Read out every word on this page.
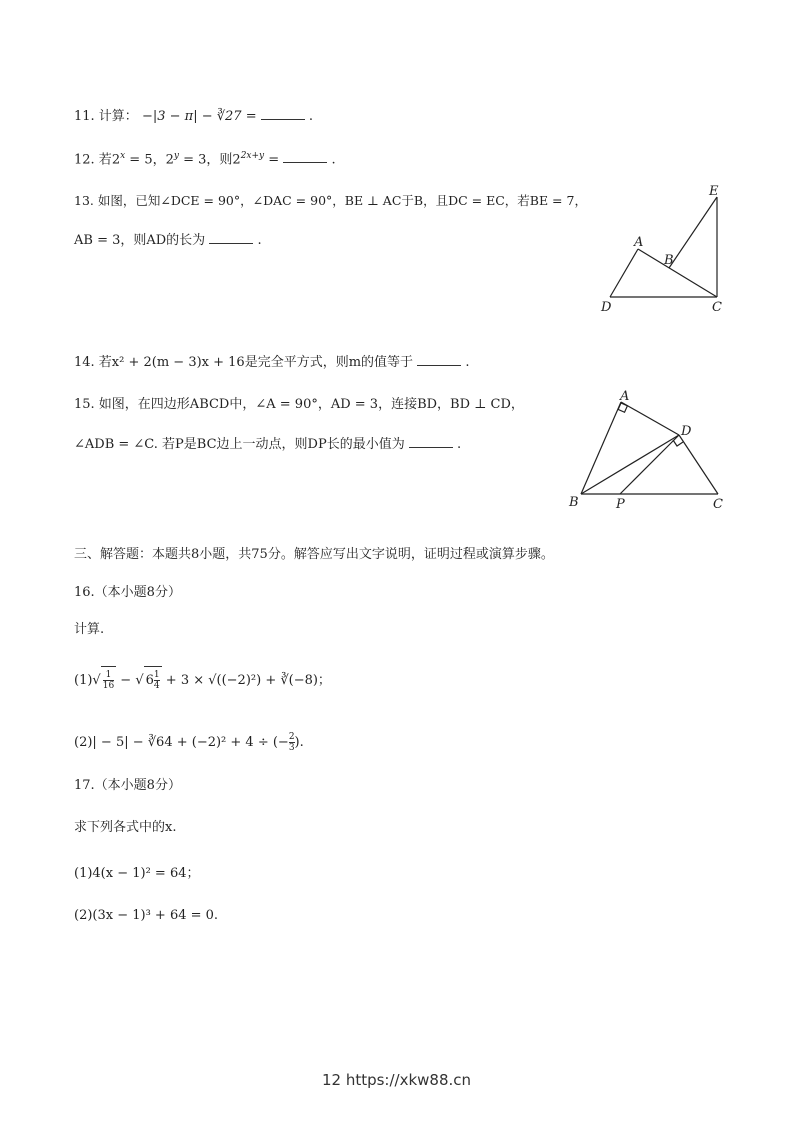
11. 计算： −|3 − π| − ∛27 =	.
12. 若$2^x = 5$，$2^y = 3$，则$2^{2x+y}$ =	.
13. 如图，已知∠DCE = 90°，∠DAC = 90°，BE ⊥ AC于B，且DC = EC，若BE = 7，
AB = 3，则AD的长为	.
E
A
B
D	C
14. 若x² + 2(m − 3)x + 16是完全平方式，则m的值等于	.
15. 如图，在四边形ABCD中，∠A = 90°，AD = 3，连接BD，BD ⊥ CD，
∠ADB = ∠C. 若P是BC边上一动点，则DP长的最小值为	.
A
D
B	P	C
三、解答题：本题共8小题，共75分。解答应写出文字说明，证明过程或演算步骤。
16.（本小题8分）
计算.
$(1)√ \frac{1}{16}$ − √ $6 \frac{1}{4} + 3 \times √((-2)^2)$ + ∛(−8)；
(2)| − 5| − ∛64 + (−2)² + 4 ÷ (− $\frac{2}{3}$ ).
17.（本小题8分）
求下列各式中的x.
(1)4(x − 1)² = 64；
(2)(3x − 1)³ + 64 = 0.
12 https://xkw88.cn
